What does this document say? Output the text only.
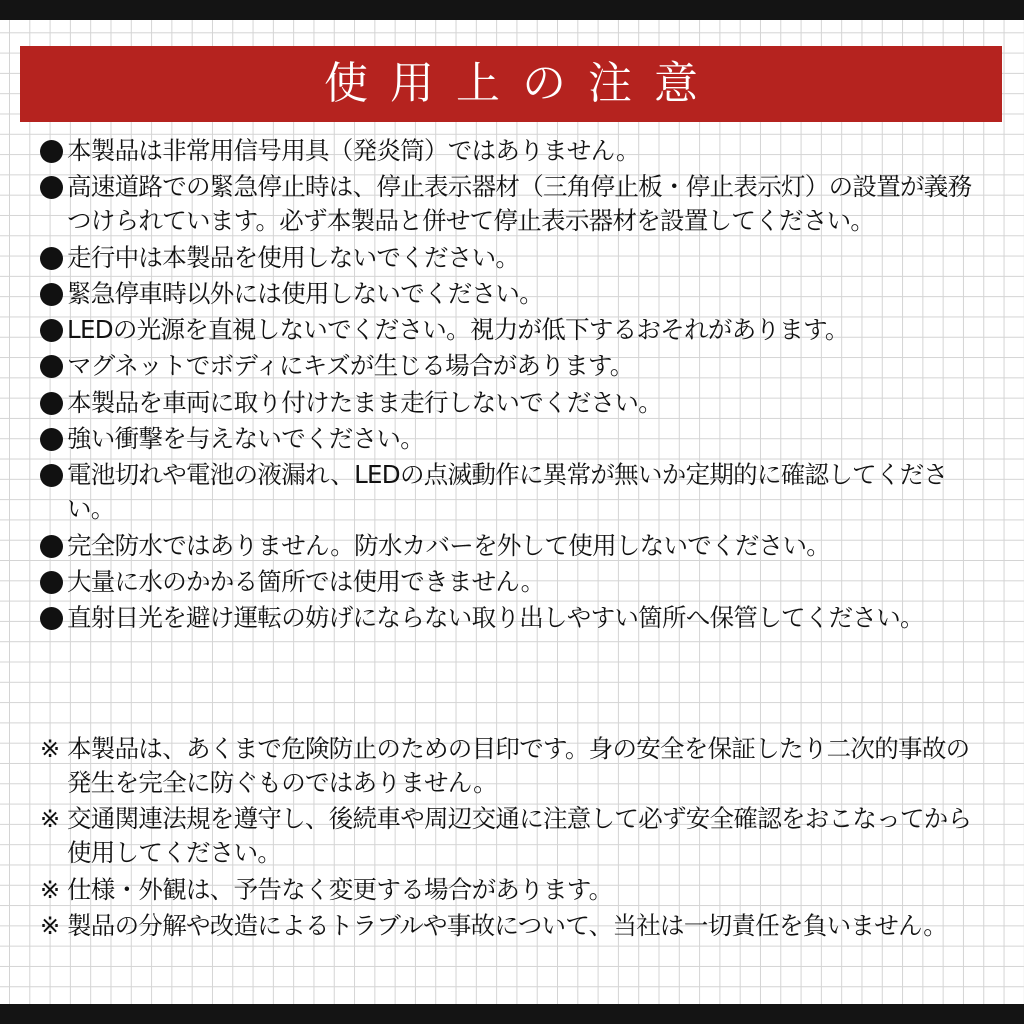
使用上の注意
本製品は非常用信号用具（発炎筒）ではありません。
高速道路での緊急停止時は、停止表示器材（三角停止板・停止表示灯）の設置が義務つけられています。必ず本製品と併せて停止表示器材を設置してください。
走行中は本製品を使用しないでください。
緊急停車時以外には使用しないでください。
LEDの光源を直視しないでください。視力が低下するおそれがあります。
マグネットでボディにキズが生じる場合があります。
本製品を車両に取り付けたまま走行しないでください。
強い衝撃を与えないでください。
電池切れや電池の液漏れ、LEDの点滅動作に異常が無いか定期的に確認してください。
完全防水ではありません。防水カバーを外して使用しないでください。
大量に水のかかる箇所では使用できません。
直射日光を避け運転の妨げにならない取り出しやすい箇所へ保管してください。
※ 本製品は、あくまで危険防止のための目印です。身の安全を保証したり二次的事故の発生を完全に防ぐものではありません。
※ 交通関連法規を遵守し、後続車や周辺交通に注意して必ず安全確認をおこなってから使用してください。
※ 仕様・外観は、予告なく変更する場合があります。
※ 製品の分解や改造によるトラブルや事故について、当社は一切責任を負いません。
